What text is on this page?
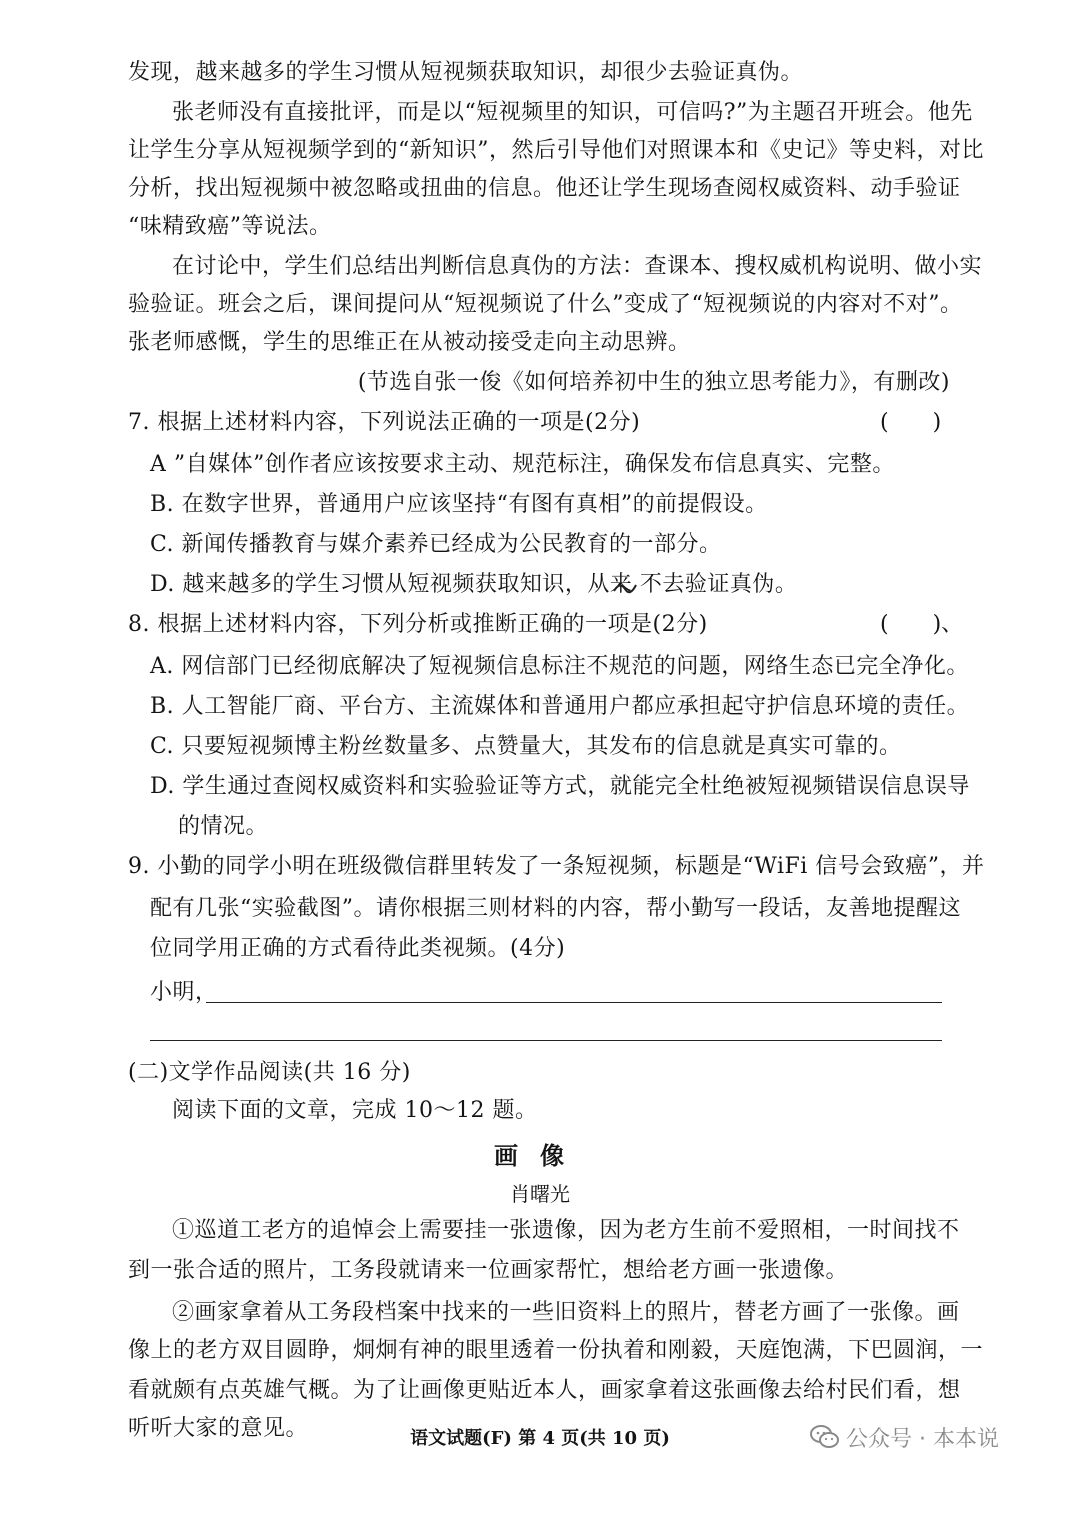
发现，越来越多的学生习惯从短视频获取知识，却很少去验证真伪。
张老师没有直接批评，而是以“短视频里的知识，可信吗?”为主题召开班会。他先
让学生分享从短视频学到的“新知识”，然后引导他们对照课本和《史记》等史料，对比
分析，找出短视频中被忽略或扭曲的信息。他还让学生现场查阅权威资料、动手验证
“味精致癌”等说法。
在讨论中，学生们总结出判断信息真伪的方法：查课本、搜权威机构说明、做小实
验验证。班会之后，课间提问从“短视频说了什么”变成了“短视频说的内容对不对”。
张老师感慨，学生的思维正在从被动接受走向主动思辨。
(节选自张一俊《如何培养初中生的独立思考能力》，有删改)
7. 根据上述材料内容，下列说法正确的一项是(2分)	(　　)
A ”自媒体”创作者应该按要求主动、规范标注，确保发布信息真实、完整。
B. 在数字世界，普通用户应该坚持“有图有真相”的前提假设。
C. 新闻传播教育与媒介素养已经成为公民教育的一部分。
D. 越来越多的学生习惯从短视频获取知识，从来 不去验证真伪。
8. 根据上述材料内容，下列分析或推断正确的一项是(2分)	(　　)、
A. 网信部门已经彻底解决了短视频信息标注不规范的问题，网络生态已完全净化。
B. 人工智能厂商、平台方、主流媒体和普通用户都应承担起守护信息环境的责任。
C. 只要短视频博主粉丝数量多、点赞量大，其发布的信息就是真实可靠的。
D. 学生通过查阅权威资料和实验验证等方式，就能完全杜绝被短视频错误信息误导
的情况。
9. 小勤的同学小明在班级微信群里转发了一条短视频，标题是“WiFi 信号会致癌”，并
配有几张“实验截图”。请你根据三则材料的内容，帮小勤写一段话，友善地提醒这
位同学用正确的方式看待此类视频。(4分)
小明，
(二)文学作品阅读(共 16 分)
阅读下面的文章，完成 10～12 题。
画像
肖曙光
①巡道工老方的追悼会上需要挂一张遗像，因为老方生前不爱照相，一时间找不
到一张合适的照片，工务段就请来一位画家帮忙，想给老方画一张遗像。
②画家拿着从工务段档案中找来的一些旧资料上的照片，替老方画了一张像。画
像上的老方双目圆睁，炯炯有神的眼里透着一份执着和刚毅，天庭饱满，下巴圆润，一
看就颇有点英雄气概。为了让画像更贴近本人，画家拿着这张画像去给村民们看，想
听听大家的意见。	语文试题(F) 第 4 页(共 10 页)	公众号 · 本本说
